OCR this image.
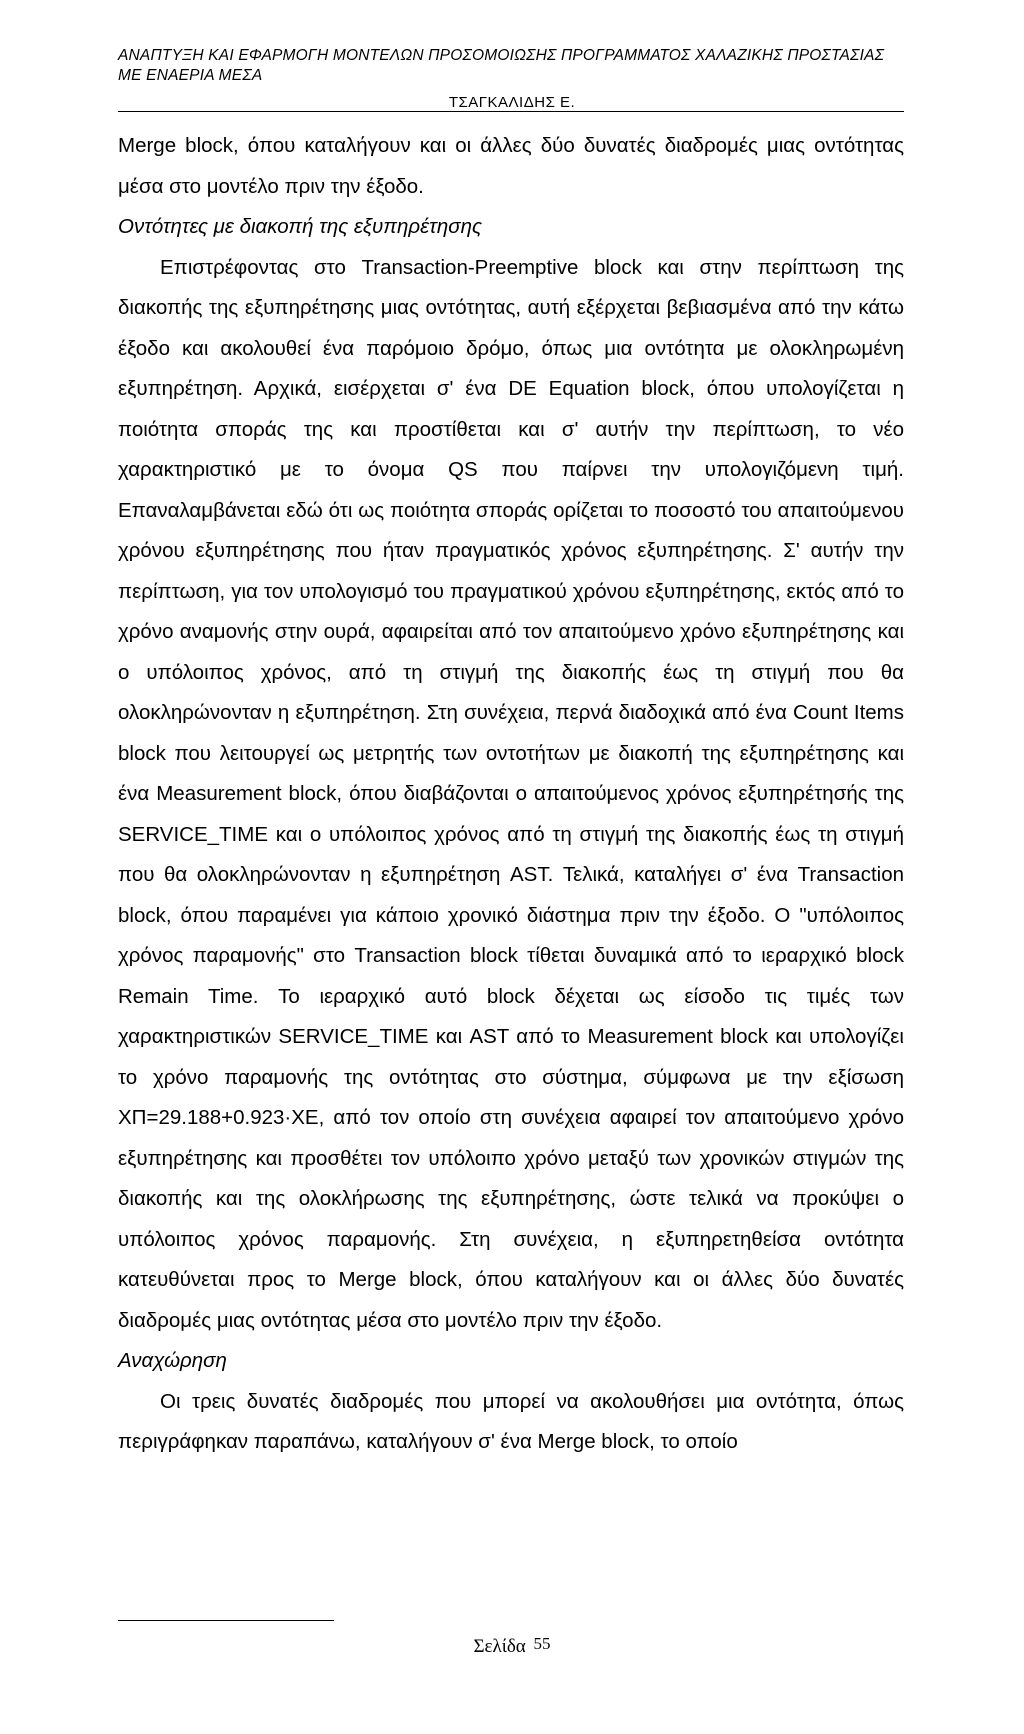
ΑΝΑΠΤΥΞΗ ΚΑΙ ΕΦΑΡΜΟΓΗ ΜΟΝΤΕΛΩΝ ΠΡΟΣΟΜΟΙΩΣΗΣ ΠΡΟΓΡΑΜΜΑΤΟΣ ΧΑΛΑΖΙΚΗΣ ΠΡΟΣΤΑΣΙΑΣ ΜΕ ΕΝΑΕΡΙΑ ΜΕΣΑ
ΤΣΑΓΚΑΛΙΔΗΣ Ε.

Merge block, όπου καταλήγουν και οι άλλες δύο δυνατές διαδρομές μιας οντότητας μέσα στο μοντέλο πριν την έξοδο.

Οντότητες με διακοπή της εξυπηρέτησης

Επιστρέφοντας στο Transaction-Preemptive block και στην περίπτωση της διακοπής της εξυπηρέτησης μιας οντότητας, αυτή εξέρχεται βεβιασμένα από την κάτω έξοδο και ακολουθεί ένα παρόμοιο δρόμο, όπως μια οντότητα με ολοκληρωμένη εξυπηρέτηση. Αρχικά, εισέρχεται σ' ένα DE Equation block, όπου υπολογίζεται η ποιότητα σποράς της και προστίθεται και σ' αυτήν την περίπτωση, το νέο χαρακτηριστικό με το όνομα QS που παίρνει την υπολογιζόμενη τιμή. Επαναλαμβάνεται εδώ ότι ως ποιότητα σποράς ορίζεται το ποσοστό του απαιτούμενου χρόνου εξυπηρέτησης που ήταν πραγματικός χρόνος εξυπηρέτησης. Σ' αυτήν την περίπτωση, για τον υπολογισμό του πραγματικού χρόνου εξυπηρέτησης, εκτός από το χρόνο αναμονής στην ουρά, αφαιρείται από τον απαιτούμενο χρόνο εξυπηρέτησης και ο υπόλοιπος χρόνος, από τη στιγμή της διακοπής έως τη στιγμή που θα ολοκληρώνονταν η εξυπηρέτηση. Στη συνέχεια, περνά διαδοχικά από ένα Count Items block που λειτουργεί ως μετρητής των οντοτήτων με διακοπή της εξυπηρέτησης και ένα Measurement block, όπου διαβάζονται ο απαιτούμενος χρόνος εξυπηρέτησής της SERVICE_TIME και ο υπόλοιπος χρόνος από τη στιγμή της διακοπής έως τη στιγμή που θα ολοκληρώνονταν η εξυπηρέτηση AST. Τελικά, καταλήγει σ' ένα Transaction block, όπου παραμένει για κάποιο χρονικό διάστημα πριν την έξοδο. Ο "υπόλοιπος χρόνος παραμονής" στο Transaction block τίθεται δυναμικά από το ιεραρχικό block Remain Time. Το ιεραρχικό αυτό block δέχεται ως είσοδο τις τιμές των χαρακτηριστικών SERVICE_TIME και AST από το Measurement block και υπολογίζει το χρόνο παραμονής της οντότητας στο σύστημα, σύμφωνα με την εξίσωση ΧΠ=29.188+0.923·ΧΕ, από τον οποίο στη συνέχεια αφαιρεί τον απαιτούμενο χρόνο εξυπηρέτησης και προσθέτει τον υπόλοιπο χρόνο μεταξύ των χρονικών στιγμών της διακοπής και της ολοκλήρωσης της εξυπηρέτησης, ώστε τελικά να προκύψει ο υπόλοιπος χρόνος παραμονής. Στη συνέχεια, η εξυπηρετηθείσα οντότητα κατευθύνεται προς το Merge block, όπου καταλήγουν και οι άλλες δύο δυνατές διαδρομές μιας οντότητας μέσα στο μοντέλο πριν την έξοδο.

Αναχώρηση

Οι τρεις δυνατές διαδρομές που μπορεί να ακολουθήσει μια οντότητα, όπως περιγράφηκαν παραπάνω, καταλήγουν σ' ένα Merge block, το οποίο

Σελίδα 55
